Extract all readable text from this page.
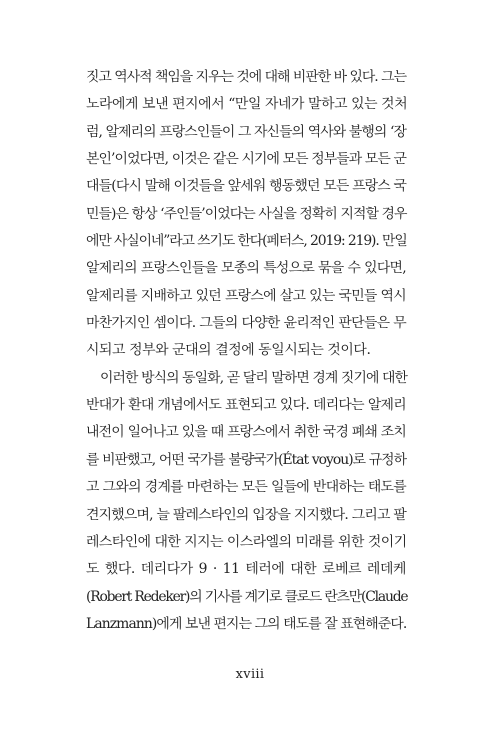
짓고 역사적 책임을 지우는 것에 대해 비판한 바 있다. 그는
노라에게 보낸 편지에서 “만일 자네가 말하고 있는 것처
럼, 알제리의 프랑스인들이 그 자신들의 역사와 불행의 ‘장
본인’이었다면, 이것은 같은 시기에 모든 정부들과 모든 군
대들(다시 말해 이것들을 앞세워 행동했던 모든 프랑스 국
민들)은 항상 ‘주인들’이었다는 사실을 정확히 지적할 경우
에만 사실이네”라고 쓰기도 한다(페터스, 2019: 219). 만일
알제리의 프랑스인들을 모종의 특성으로 묶을 수 있다면,
알제리를 지배하고 있던 프랑스에 살고 있는 국민들 역시
마찬가지인 셈이다. 그들의 다양한 윤리적인 판단들은 무
시되고 정부와 군대의 결정에 동일시되는 것이다.
이러한 방식의 동일화, 곧 달리 말하면 경계 짓기에 대한
반대가 환대 개념에서도 표현되고 있다. 데리다는 알제리
내전이 일어나고 있을 때 프랑스에서 취한 국경 폐쇄 조치
를 비판했고, 어떤 국가를 불량국가(État voyou)로 규정하
고 그와의 경계를 마련하는 모든 일들에 반대하는 태도를
견지했으며, 늘 팔레스타인의 입장을 지지했다. 그리고 팔
레스타인에 대한 지지는 이스라엘의 미래를 위한 것이기
도 했다. 데리다가 9 · 11 테러에 대한 로베르 레데케
(Robert Redeker)의 기사를 계기로 클로드 란츠만(Claude
Lanzmann)에게 보낸 편지는 그의 태도를 잘 표현해준다.
xviii
